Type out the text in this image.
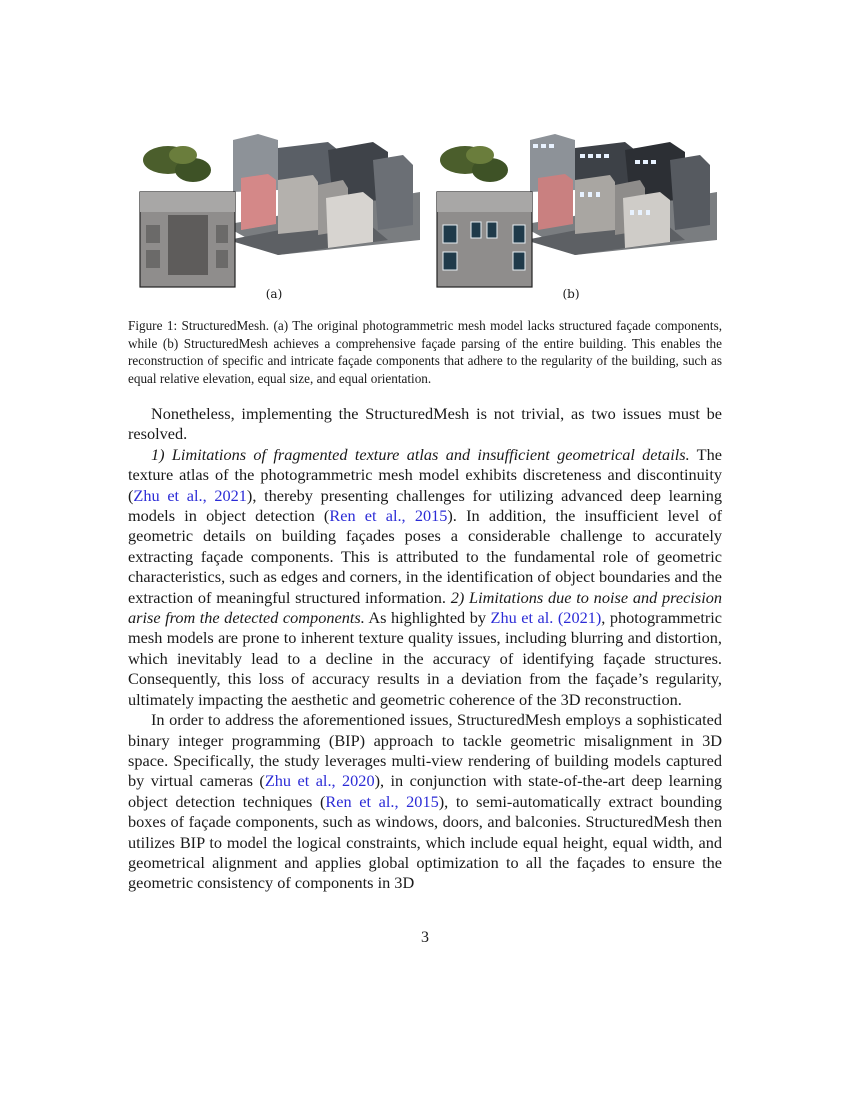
(a)	(b)
Figure 1: StructuredMesh. (a) The original photogrammetric mesh model lacks structured façade components, while (b) StructuredMesh achieves a comprehensive façade parsing of the entire building. This enables the reconstruction of specific and intricate façade components that adhere to the regularity of the building, such as equal relative elevation, equal size, and equal orientation.

Nonetheless, implementing the StructuredMesh is not trivial, as two issues must be resolved.

1) Limitations of fragmented texture atlas and insufficient geometrical details. The texture atlas of the photogrammetric mesh model exhibits discreteness and discontinuity (Zhu et al., 2021), thereby presenting challenges for utilizing advanced deep learning models in object detection (Ren et al., 2015). In addition, the insufficient level of geometric details on building façades poses a considerable challenge to accurately extracting façade components. This is attributed to the fundamental role of geometric characteristics, such as edges and corners, in the identification of object boundaries and the extraction of meaningful structured information. 2) Limitations due to noise and precision arise from the detected components. As highlighted by Zhu et al. (2021), photogrammetric mesh models are prone to inherent texture quality issues, including blurring and distortion, which inevitably lead to a decline in the accuracy of identifying façade structures. Consequently, this loss of accuracy results in a deviation from the façade’s regularity, ultimately impacting the aesthetic and geometric coherence of the 3D reconstruction.

In order to address the aforementioned issues, StructuredMesh employs a sophisticated binary integer programming (BIP) approach to tackle geometric misalignment in 3D space. Specifically, the study leverages multi-view rendering of building models captured by virtual cameras (Zhu et al., 2020), in conjunction with state-of-the-art deep learning object detection techniques (Ren et al., 2015), to semi-automatically extract bounding boxes of façade components, such as windows, doors, and balconies. StructuredMesh then utilizes BIP to model the logical constraints, which include equal height, equal width, and geometrical alignment and applies global optimization to all the façades to ensure the geometric consistency of components in 3D

3
